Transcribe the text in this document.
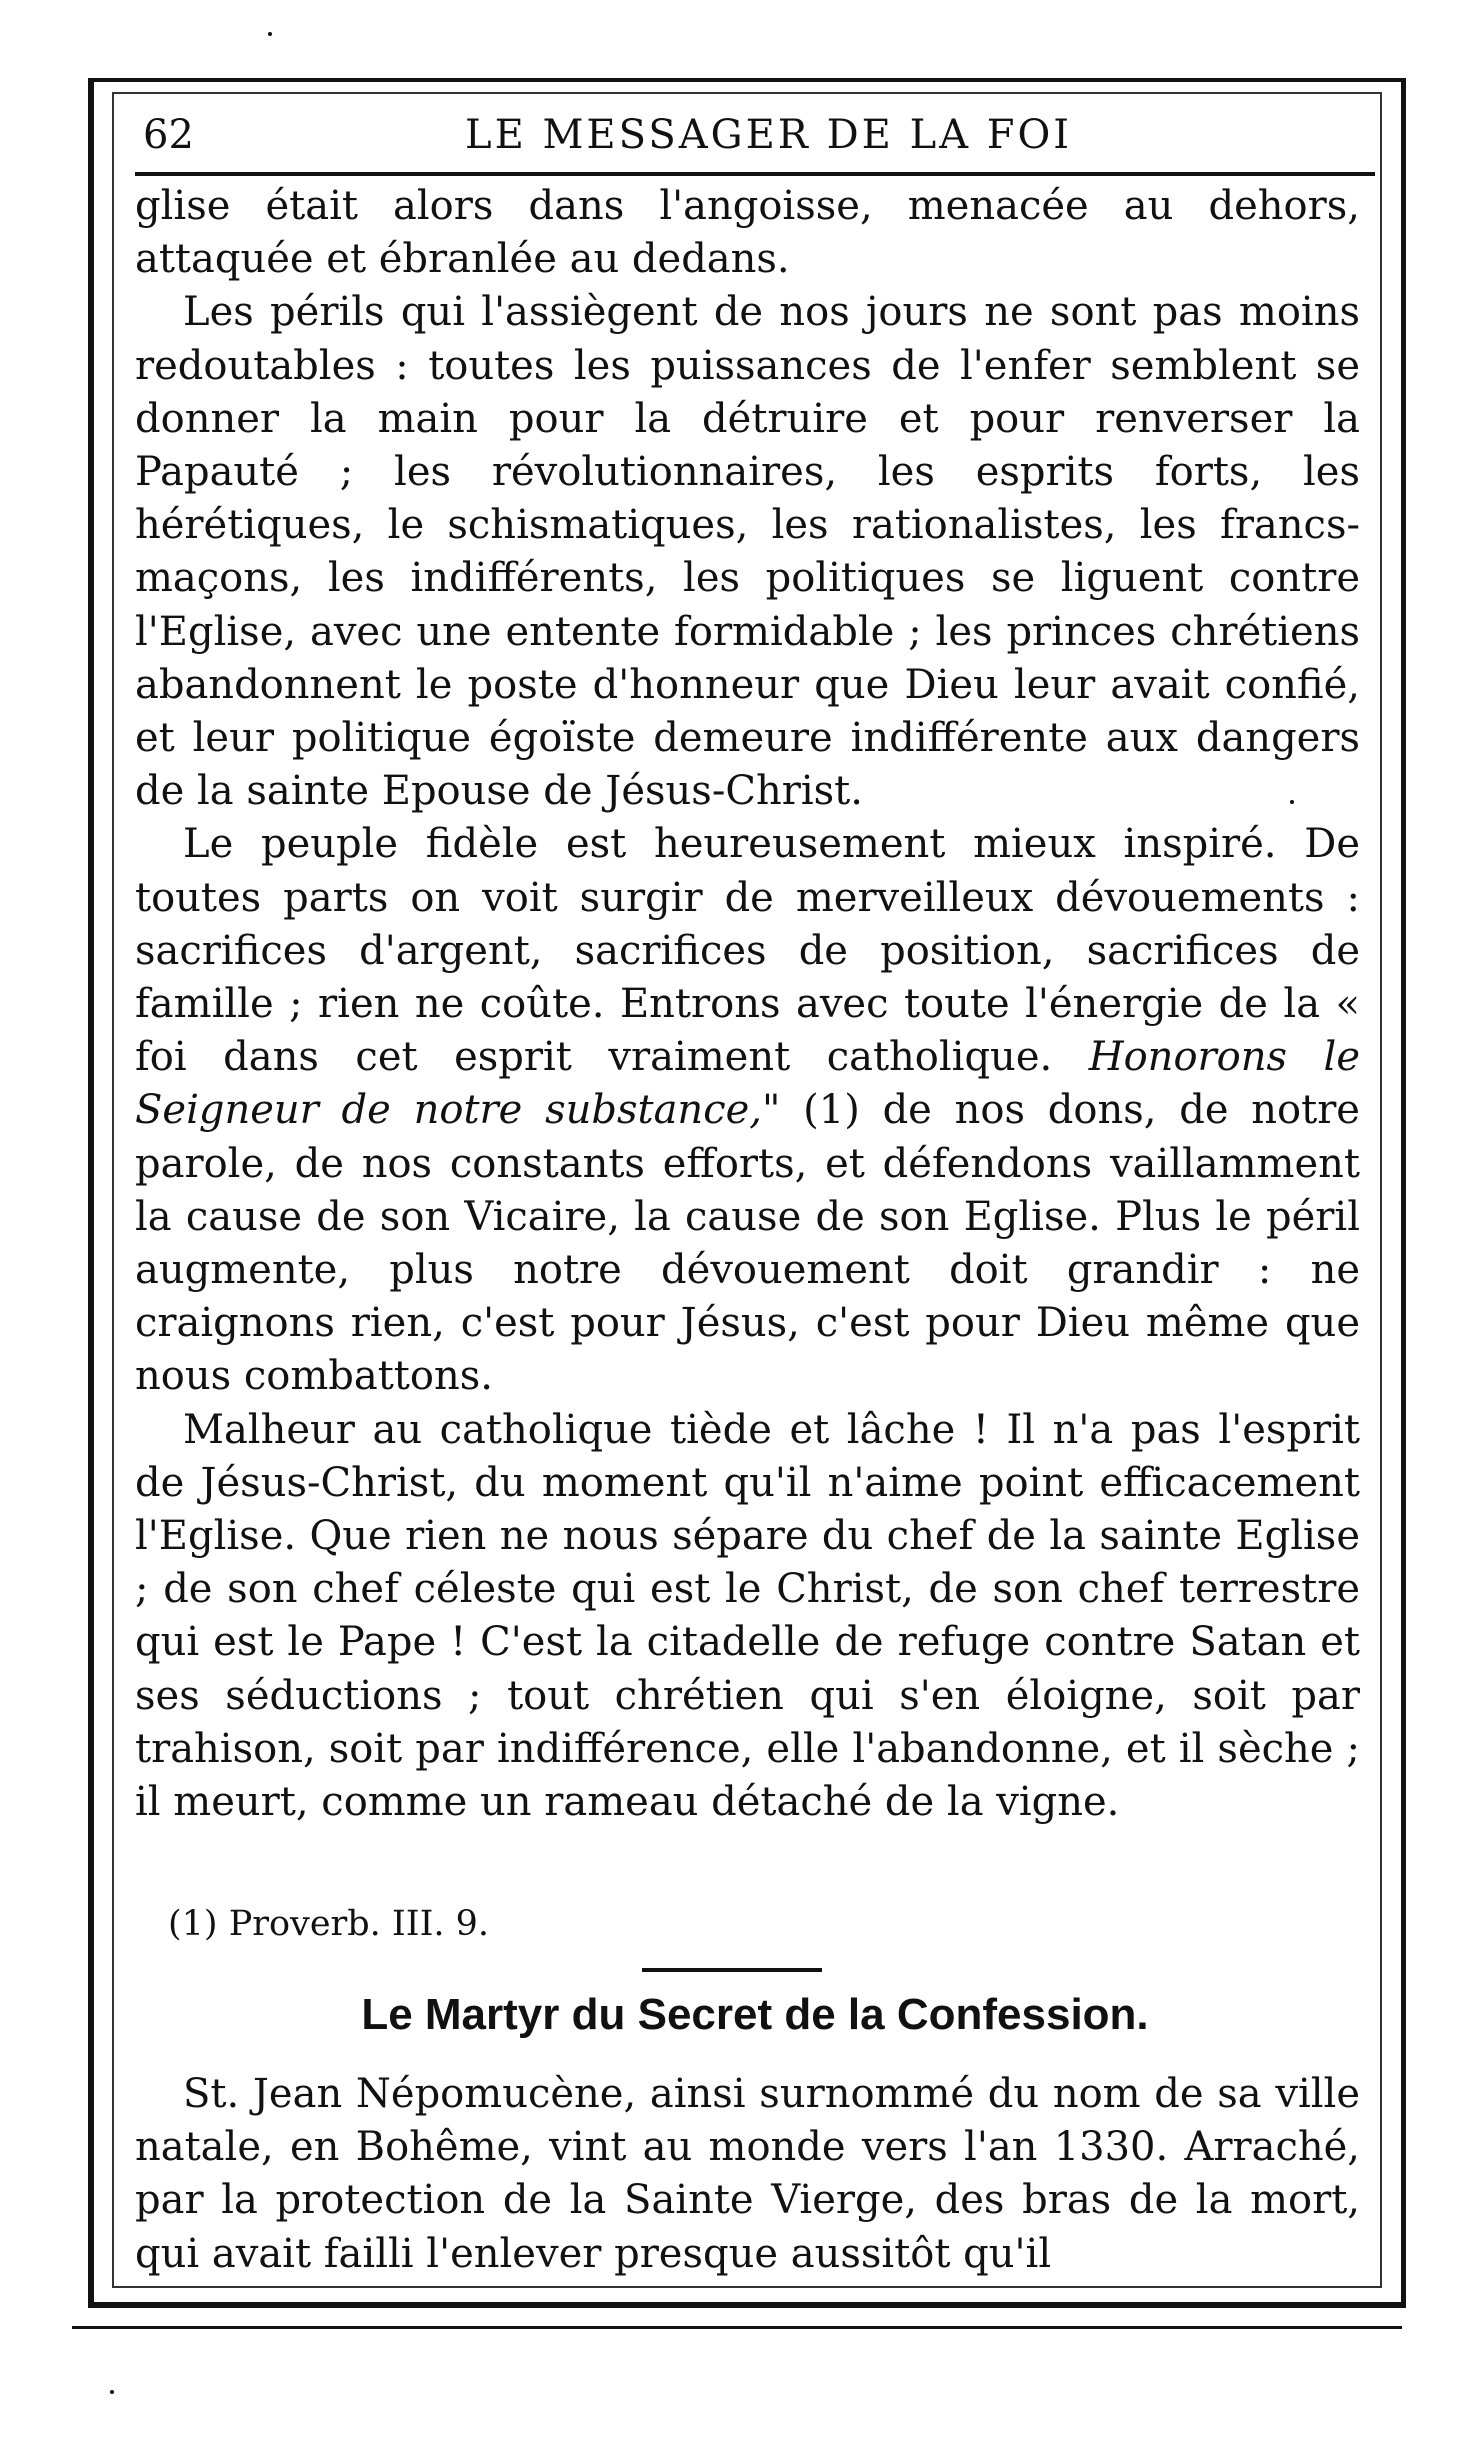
62	LE MESSAGER DE LA FOI

glise était alors dans l'angoisse, menacée au dehors, attaquée et ébranlée au dedans.

Les périls qui l'assiègent de nos jours ne sont pas moins redoutables : toutes les puissances de l'enfer semblent se donner la main pour la détruire et pour renverser la Papauté ; les révolutionnaires, les esprits forts, les hérétiques, le schismatiques, les rationalistes, les francs-maçons, les indifférents, les politiques se liguent contre l'Eglise, avec une entente formidable ; les princes chrétiens abandonnent le poste d'honneur que Dieu leur avait confié, et leur politique égoïste demeure indifférente aux dangers de la sainte Epouse de Jésus-Christ.

Le peuple fidèle est heureusement mieux inspiré. De toutes parts on voit surgir de merveilleux dévouements : sacrifices d'argent, sacrifices de position, sacrifices de famille ; rien ne coûte. Entrons avec toute l'énergie de la « foi dans cet esprit vraiment catholique. Honorons le Seigneur de notre substance," (1) de nos dons, de notre parole, de nos constants efforts, et défendons vaillamment la cause de son Vicaire, la cause de son Eglise. Plus le péril augmente, plus notre dévouement doit grandir : ne craignons rien, c'est pour Jésus, c'est pour Dieu même que nous combattons.

Malheur au catholique tiède et lâche ! Il n'a pas l'esprit de Jésus-Christ, du moment qu'il n'aime point efficacement l'Eglise. Que rien ne nous sépare du chef de la sainte Eglise ; de son chef céleste qui est le Christ, de son chef terrestre qui est le Pape ! C'est la citadelle de refuge contre Satan et ses séductions ; tout chrétien qui s'en éloigne, soit par trahison, soit par indifférence, elle l'abandonne, et il sèche ; il meurt, comme un rameau détaché de la vigne.

(1) Proverb. III. 9.
Le Martyr du Secret de la Confession.

St. Jean Népomucène, ainsi surnommé du nom de sa ville natale, en Bohême, vint au monde vers l'an 1330. Arraché, par la protection de la Sainte Vierge, des bras de la mort, qui avait failli l'enlever presque aussitôt qu'il
